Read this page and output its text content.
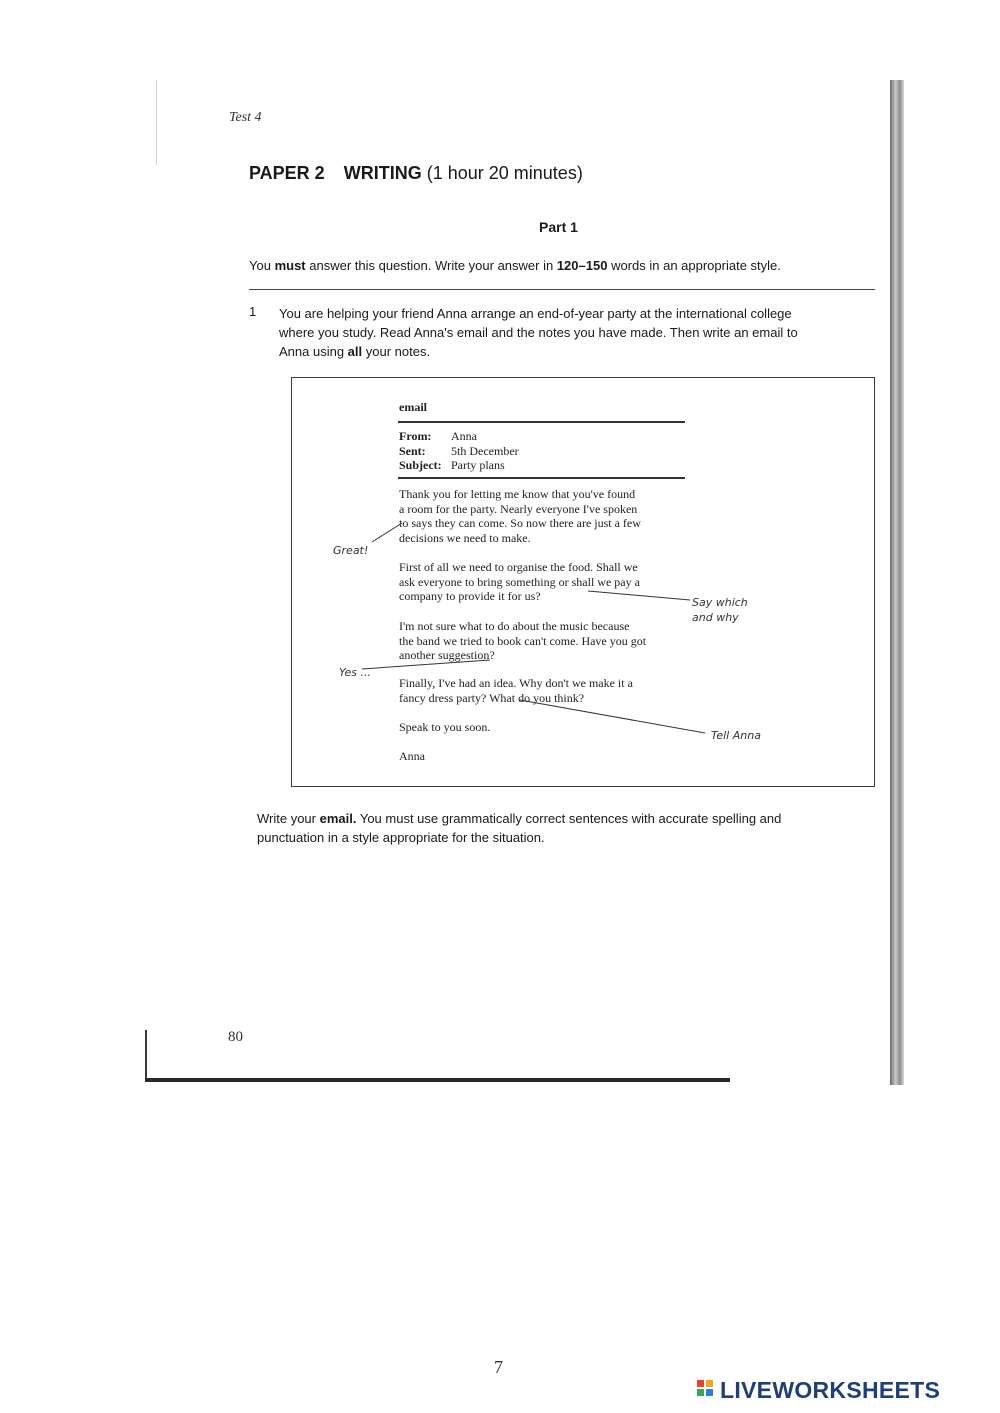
Test 4
PAPER 2 WRITING (1 hour 20 minutes)
Part 1
You must answer this question. Write your answer in 120–150 words in an appropriate style.
1 You are helping your friend Anna arrange an end-of-year party at the international college
where you study. Read Anna's email and the notes you have made. Then write an email to
Anna using all your notes.
email
From: Anna
Sent: 5th December
Subject: Party plans
Thank you for letting me know that you've found
a room for the party. Nearly everyone I've spoken
to says they can come. So now there are just a few
decisions we need to make.
First of all we need to organise the food. Shall we
ask everyone to bring something or shall we pay a
company to provide it for us?
I'm not sure what to do about the music because
the band we tried to book can't come. Have you got
another suggestion?
Finally, I've had an idea. Why don't we make it a
fancy dress party? What do you think?
Speak to you soon.
Anna
Great!
Say which
and why
Yes ...
Tell Anna
Write your email. You must use grammatically correct sentences with accurate spelling and
punctuation in a style appropriate for the situation.
80
7
LIVEWORKSHEETS
